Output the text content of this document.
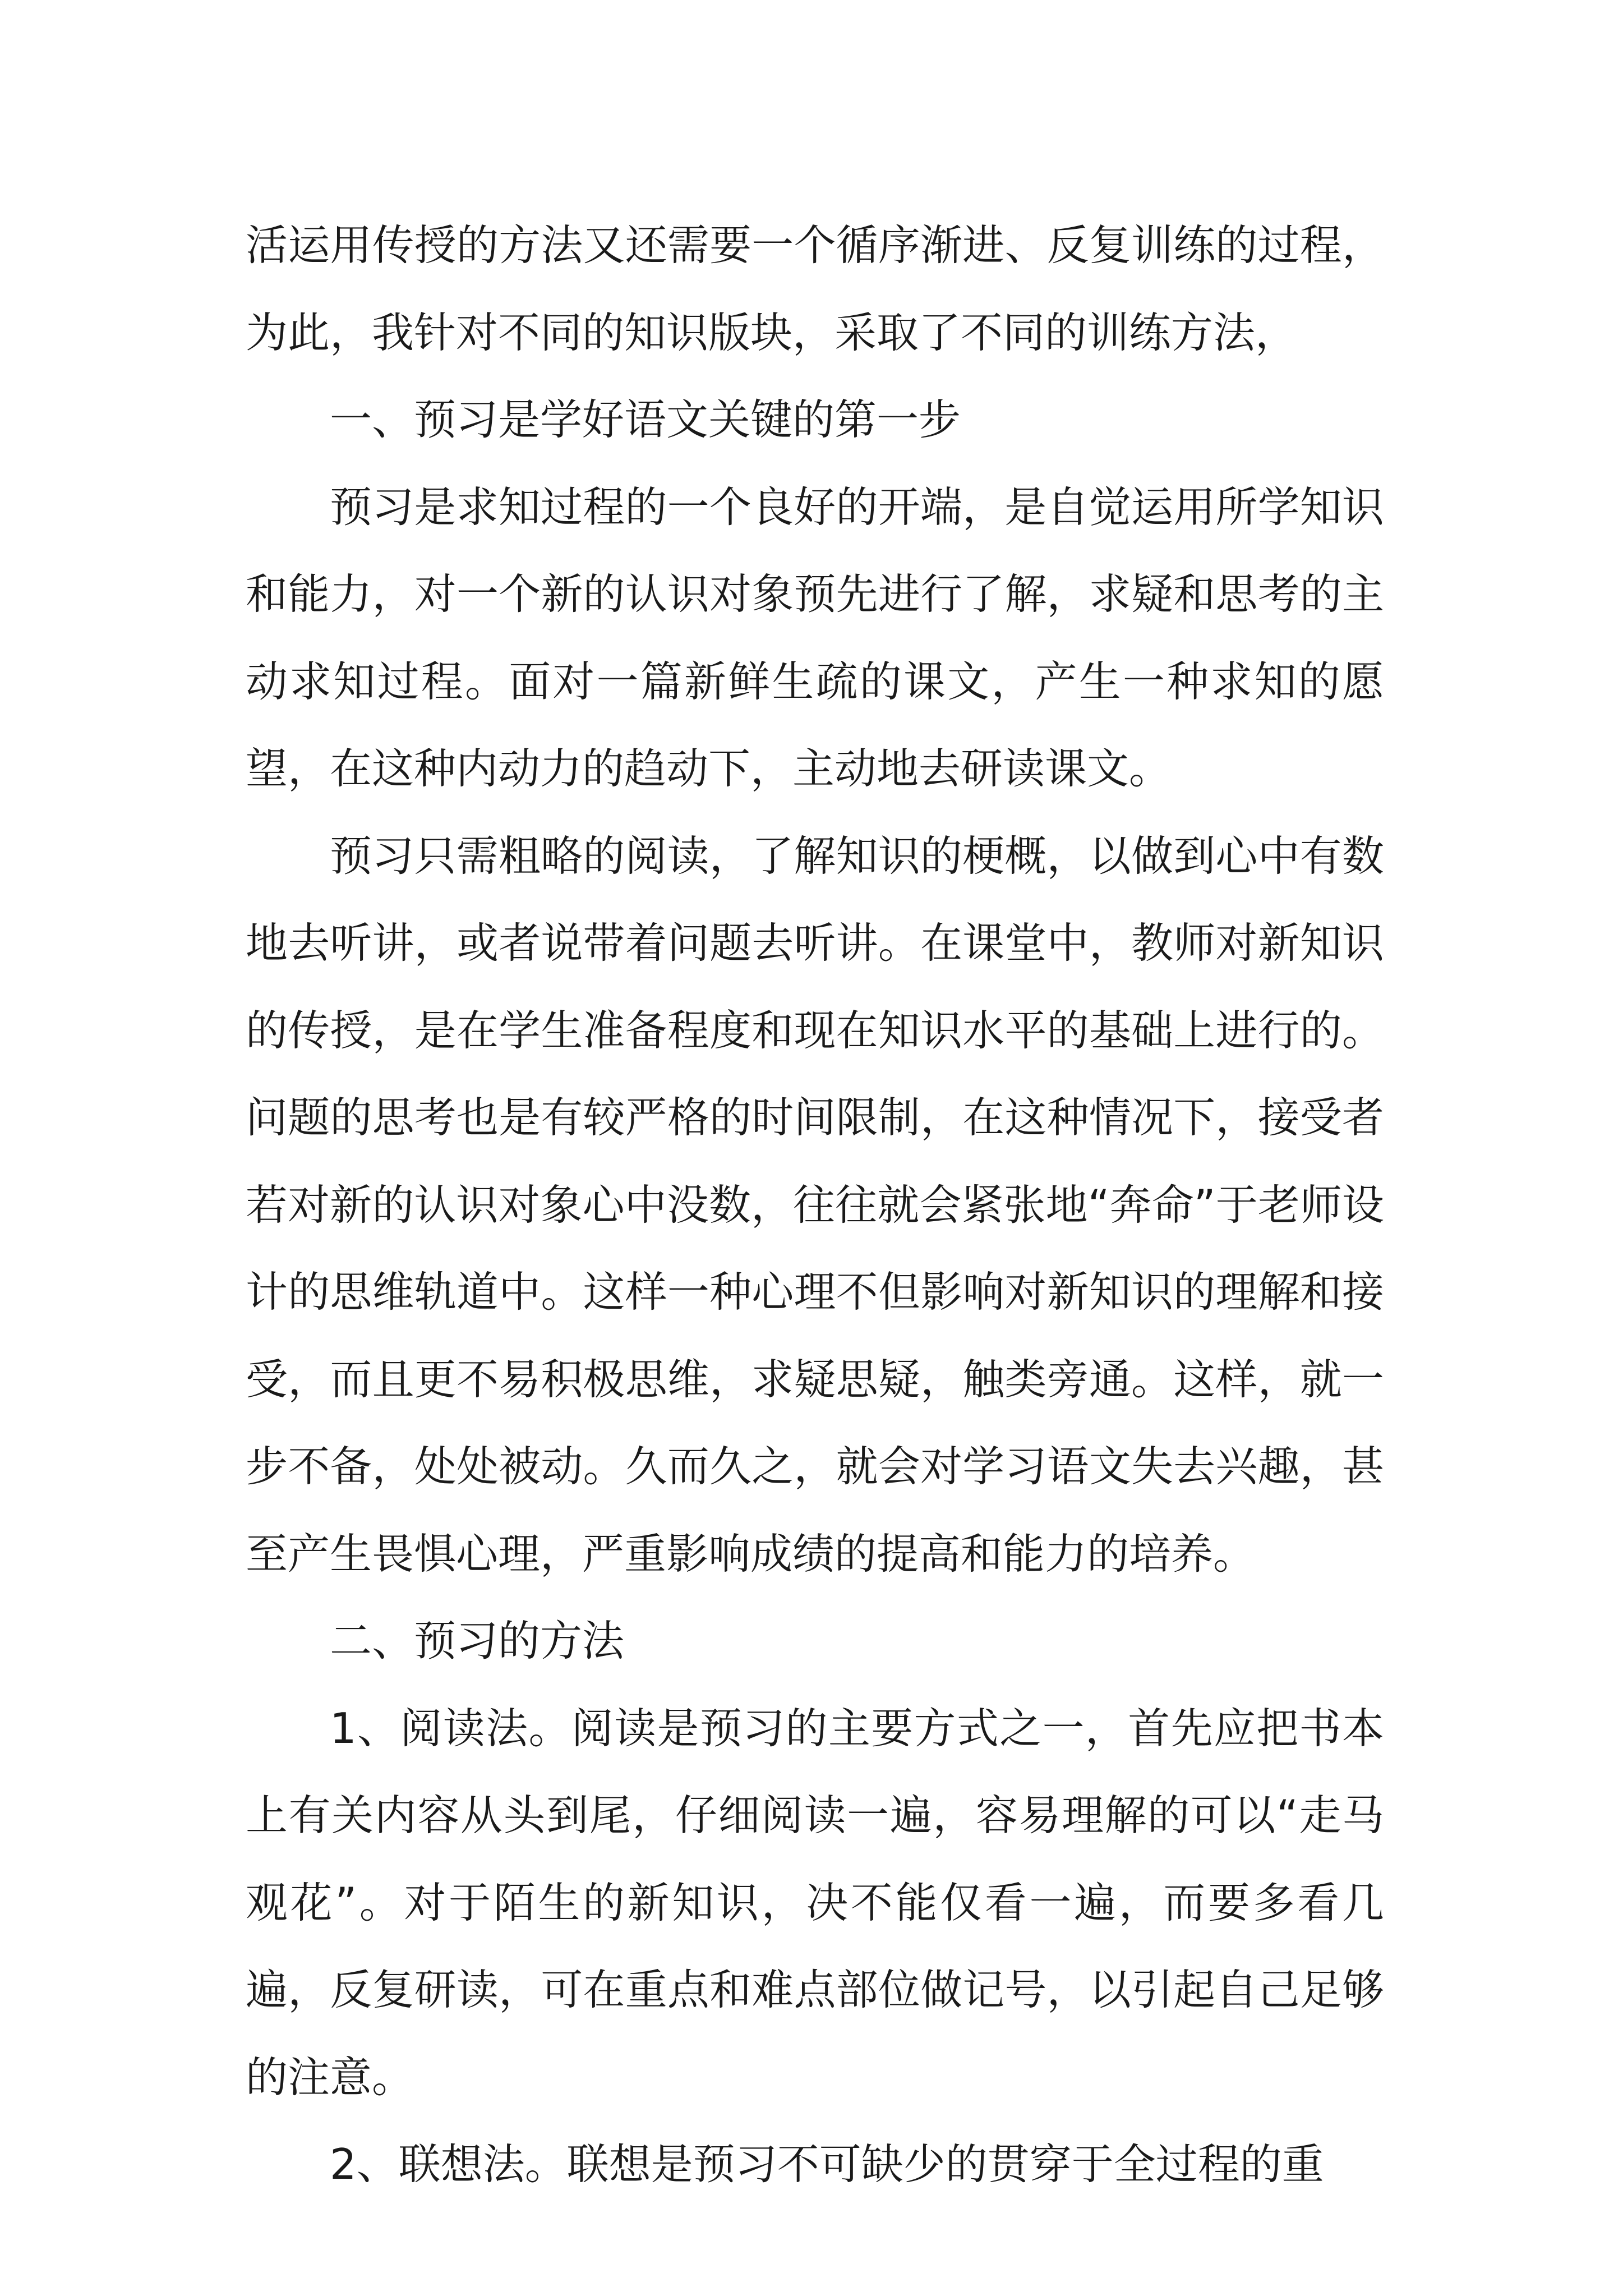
活运用传授的方法又还需要一个循序渐进、反复训练的过程，为此，我针对不同的知识版块，采取了不同的训练方法，

一、预习是学好语文关键的第一步

预习是求知过程的一个良好的开端，是自觉运用所学知识和能力，对一个新的认识对象预先进行了解，求疑和思考的主动求知过程。面对一篇新鲜生疏的课文，产生一种求知的愿望，在这种内动力的趋动下，主动地去研读课文。

预习只需粗略的阅读，了解知识的梗概，以做到心中有数地去听讲，或者说带着问题去听讲。在课堂中，教师对新知识的传授，是在学生准备程度和现在知识水平的基础上进行的。问题的思考也是有较严格的时间限制，在这种情况下，接受者若对新的认识对象心中没数，往往就会紧张地“奔命”于老师设计的思维轨道中。这样一种心理不但影响对新知识的理解和接受，而且更不易积极思维，求疑思疑，触类旁通。这样，就一步不备，处处被动。久而久之，就会对学习语文失去兴趣，甚至产生畏惧心理，严重影响成绩的提高和能力的培养。

二、预习的方法

1、阅读法。阅读是预习的主要方式之一，首先应把书本上有关内容从头到尾，仔细阅读一遍，容易理解的可以“走马观花”。对于陌生的新知识，决不能仅看一遍，而要多看几遍，反复研读，可在重点和难点部位做记号，以引起自己足够的注意。

2、联想法。联想是预习不可缺少的贯穿于全过程的重
